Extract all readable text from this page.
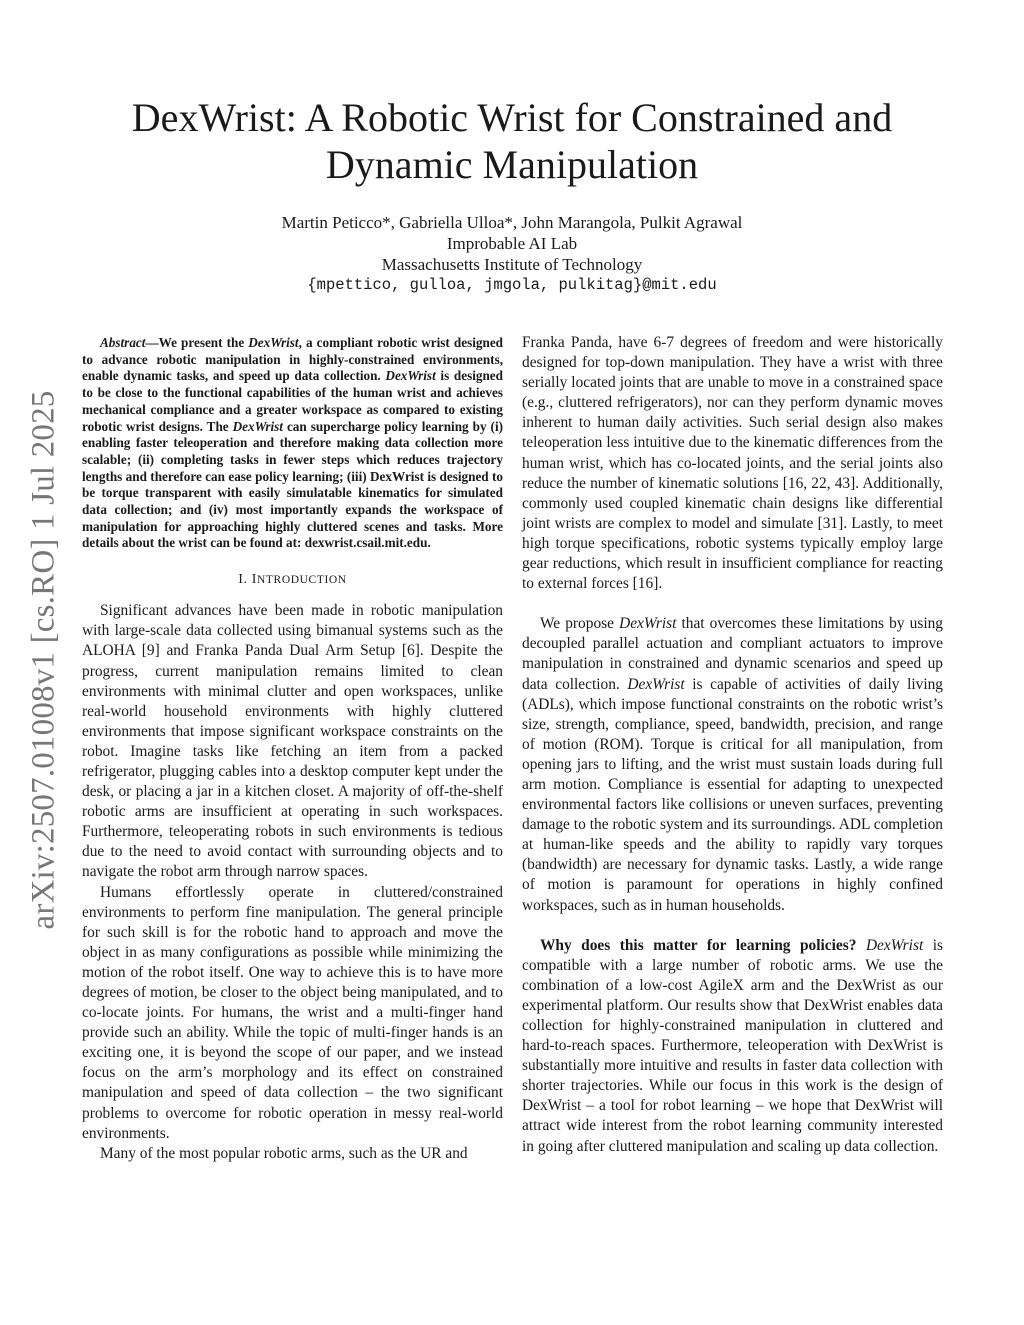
arXiv:2507.01008v1 [cs.RO] 1 Jul 2025
DexWrist: A Robotic Wrist for Constrained and
Dynamic Manipulation
Martin Peticco*, Gabriella Ulloa*, John Marangola, Pulkit Agrawal
Improbable AI Lab
Massachusetts Institute of Technology
{mpettico, gulloa, jmgola, pulkitag}@mit.edu

Abstract—We present the DexWrist, a compliant robotic wrist designed to advance robotic manipulation in highly-constrained environments, enable dynamic tasks, and speed up data collection. DexWrist is designed to be close to the functional capabilities of the human wrist and achieves mechanical compliance and a greater workspace as compared to existing robotic wrist designs. The DexWrist can supercharge policy learning by (i) enabling faster teleoperation and therefore making data collection more scalable; (ii) completing tasks in fewer steps which reduces trajectory lengths and therefore can ease policy learning; (iii) DexWrist is designed to be torque transparent with easily simulatable kinematics for simulated data collection; and (iv) most importantly expands the workspace of manipulation for approaching highly cluttered scenes and tasks. More details about the wrist can be found at: dexwrist.csail.mit.edu.

I. INTRODUCTION

Significant advances have been made in robotic manipulation with large-scale data collected using bimanual systems such as the ALOHA [9] and Franka Panda Dual Arm Setup [6]. Despite the progress, current manipulation remains limited to clean environments with minimal clutter and open workspaces, unlike real-world household environments with highly cluttered environments that impose significant workspace constraints on the robot. Imagine tasks like fetching an item from a packed refrigerator, plugging cables into a desktop computer kept under the desk, or placing a jar in a kitchen closet. A majority of off-the-shelf robotic arms are insufficient at operating in such workspaces. Furthermore, teleoperating robots in such environments is tedious due to the need to avoid contact with surrounding objects and to navigate the robot arm through narrow spaces.

Humans effortlessly operate in cluttered/constrained environments to perform fine manipulation. The general principle for such skill is for the robotic hand to approach and move the object in as many configurations as possible while minimizing the motion of the robot itself. One way to achieve this is to have more degrees of motion, be closer to the object being manipulated, and to co-locate joints. For humans, the wrist and a multi-finger hand provide such an ability. While the topic of multi-finger hands is an exciting one, it is beyond the scope of our paper, and we instead focus on the arm’s morphology and its effect on constrained manipulation and speed of data collection – the two significant problems to overcome for robotic operation in messy real-world environments.

Many of the most popular robotic arms, such as the UR and

Franka Panda, have 6-7 degrees of freedom and were historically designed for top-down manipulation. They have a wrist with three serially located joints that are unable to move in a constrained space (e.g., cluttered refrigerators), nor can they perform dynamic moves inherent to human daily activities. Such serial design also makes teleoperation less intuitive due to the kinematic differences from the human wrist, which has co-located joints, and the serial joints also reduce the number of kinematic solutions [16, 22, 43]. Additionally, commonly used coupled kinematic chain designs like differential joint wrists are complex to model and simulate [31]. Lastly, to meet high torque specifications, robotic systems typically employ large gear reductions, which result in insufficient compliance for reacting to external forces [16].

We propose DexWrist that overcomes these limitations by using decoupled parallel actuation and compliant actuators to improve manipulation in constrained and dynamic scenarios and speed up data collection. DexWrist is capable of activities of daily living (ADLs), which impose functional constraints on the robotic wrist’s size, strength, compliance, speed, bandwidth, precision, and range of motion (ROM). Torque is critical for all manipulation, from opening jars to lifting, and the wrist must sustain loads during full arm motion. Compliance is essential for adapting to unexpected environmental factors like collisions or uneven surfaces, preventing damage to the robotic system and its surroundings. ADL completion at human-like speeds and the ability to rapidly vary torques (bandwidth) are necessary for dynamic tasks. Lastly, a wide range of motion is paramount for operations in highly confined workspaces, such as in human households.

Why does this matter for learning policies? DexWrist is compatible with a large number of robotic arms. We use the combination of a low-cost AgileX arm and the DexWrist as our experimental platform. Our results show that DexWrist enables data collection for highly-constrained manipulation in cluttered and hard-to-reach spaces. Furthermore, teleoperation with DexWrist is substantially more intuitive and results in faster data collection with shorter trajectories. While our focus in this work is the design of DexWrist – a tool for robot learning – we hope that DexWrist will attract wide interest from the robot learning community interested in going after cluttered manipulation and scaling up data collection.
